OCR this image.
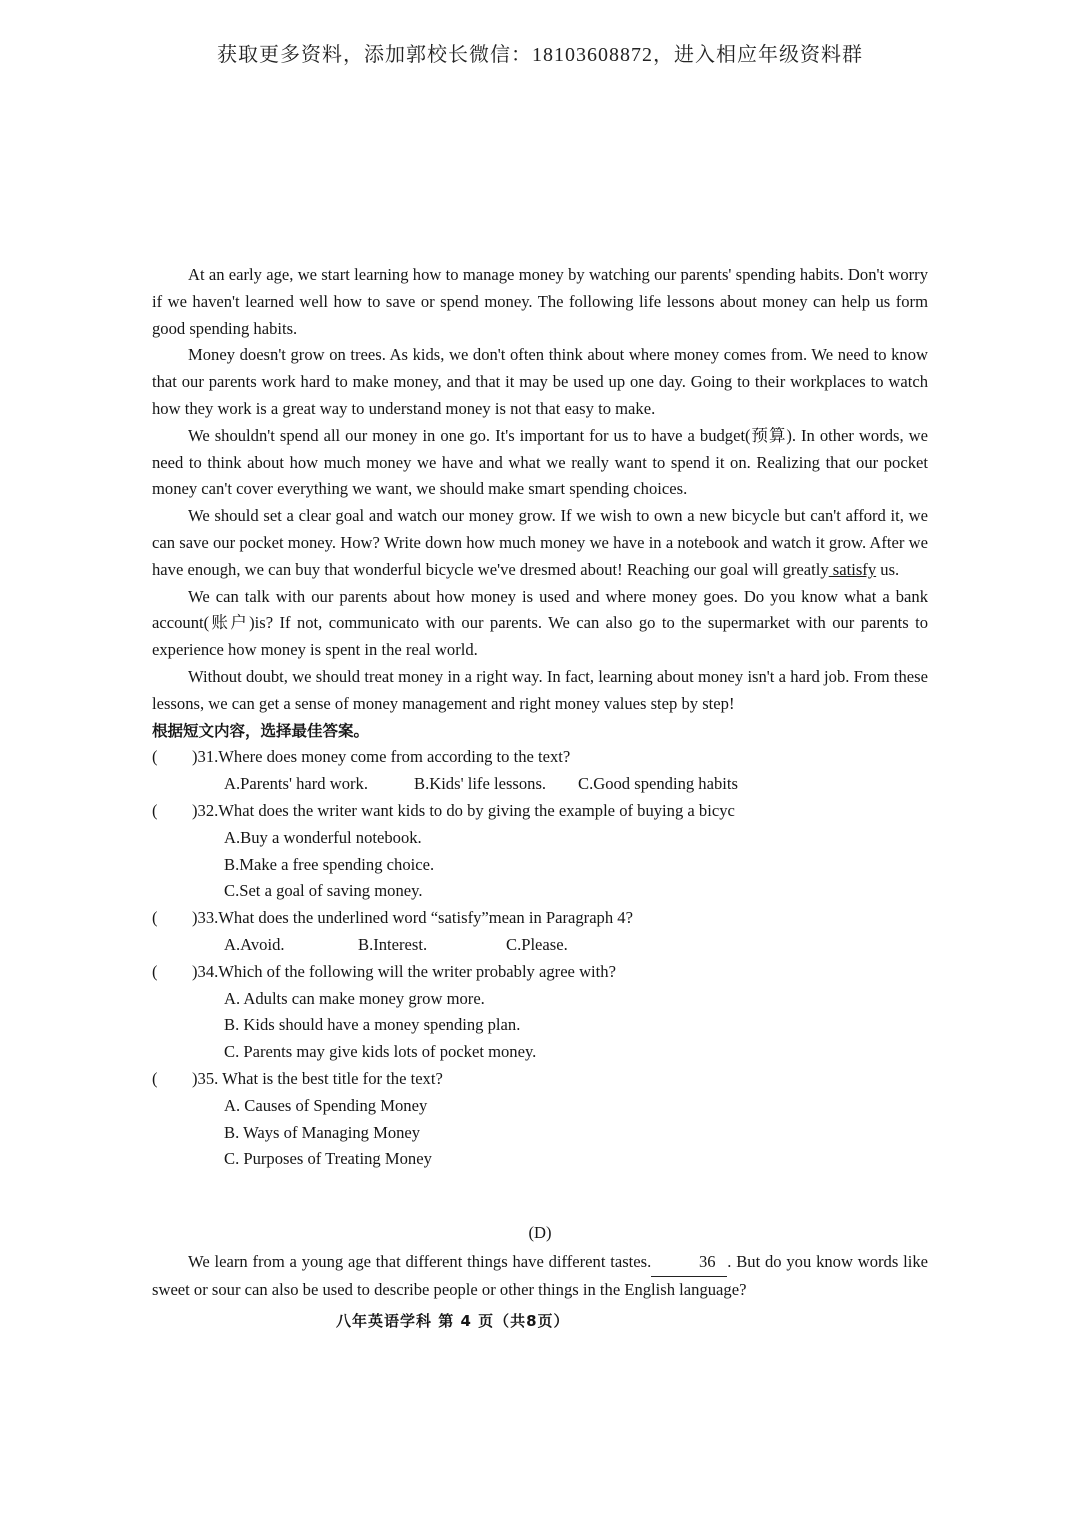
获取更多资料，添加郭校长微信：18103608872，进入相应年级资料群

At an early age, we start learning how to manage money by watching our parents' spending habits. Don't worry if we haven't learned well how to save or spend money. The following life lessons about money can help us form good spending habits.

Money doesn't grow on trees. As kids, we don't often think about where money comes from. We need to know that our parents work hard to make money, and that it may be used up one day. Going to their workplaces to watch how they work is a great way to understand money is not that easy to make.

We shouldn't spend all our money in one go. It's important for us to have a budget(预算). In other words, we need to think about how much money we have and what we really want to spend it on. Realizing that our pocket money can't cover everything we want, we should make smart spending choices.

We should set a clear goal and watch our money grow. If we wish to own a new bicycle but can't afford it, we can save our pocket money. How? Write down how much money we have in a notebook and watch it grow. After we have enough, we can buy that wonderful bicycle we've dresmed about! Reaching our goal will greatly satisfy us.

We can talk with our parents about how money is used and where money goes. Do you know what a bank account(账户)is? If not, communicato with our parents. We can also go to the supermarket with our parents to experience how money is spent in the real world.

Without doubt, we should treat money in a right way. In fact, learning about money isn't a hard job. From these lessons, we can get a sense of money management and right money values step by step!

根据短文内容，选择最佳答案。

( )31.Where does money come from according to the text?
A.Parents' hard work.	B.Kids' life lessons. C.Good spending habits
( )32.What does the writer want kids to do by giving the example of buying a bicyc
A.Buy a wonderful notebook.
B.Make a free spending choice.
C.Set a goal of saving money.
( )33.What does the underlined word “satisfy”mean in Paragraph 4?
A.Avoid.	B.Interest.	C.Please.
( )34.Which of the following will the writer probably agree with?
A. Adults can make money grow more.
B. Kids should have a money spending plan.
C. Parents may give kids lots of pocket money.
( )35. What is the best title for the text?
A. Causes of Spending Money
B. Ways of Managing Money
C. Purposes of Treating Money

(D)

We learn from a young age that different things have different tastes.	36 . But do you know words like sweet or sour can also be used to describe people or other things in the English language?

八年英语学科 第 4 页（共8页）
